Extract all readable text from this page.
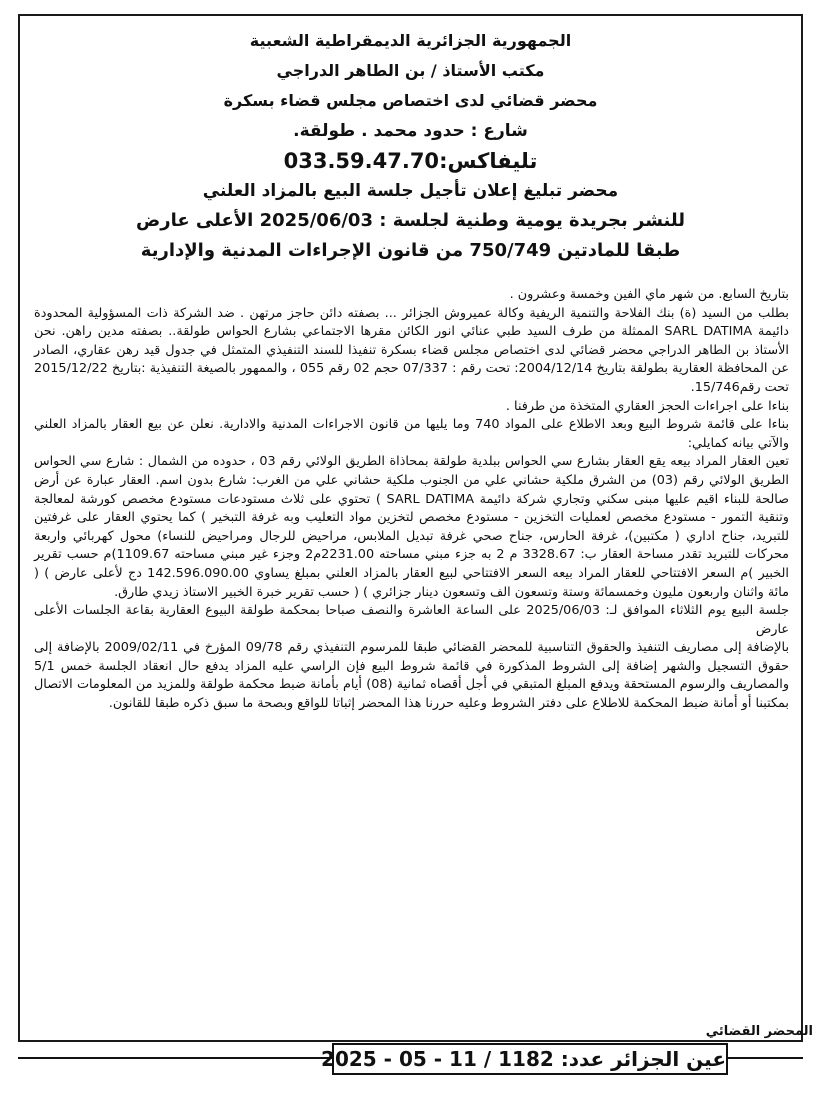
الجمهورية الجزائرية الديمقراطية الشعبية
مكتب الأستاذ / بن الطاهر الدراجي
محضر قضائي لدى اختصاص مجلس قضاء بسكرة
شارع : حدود محمد . طولقة.
تليفاكس:033.59.47.70
محضر تبليغ إعلان تأجيل جلسة البيع بالمزاد العلني
للنشر بجريدة يومية وطنية لجلسة : 2025/06/03 الأعلى عارض
طبقا للمادتين 750/749 من قانون الإجراءات المدنية والإدارية

بتاريخ السابع. من شهر ماي الفين وخمسة وعشرون .

بطلب من السيد (ة) بنك الفلاحة والتنمية الريفية وكالة عميروش الجزائر ... بصفته دائن حاجز مرتهن . ضد الشركة ذات المسؤولية المحدودة دائيمة SARL DATIMA الممثلة من طرف السيد طبي عنائي انور الكائن مقرها الاجتماعي بشارع الحواس طولقة.. بصفته مدين راهن. نحن الأستاذ بن الطاهر الدراجي محضر قضائي لدى اختصاص مجلس قضاء بسكرة تنفيذا للسند التنفيذي المتمثل في جدول قيد رهن عقاري، الصادر عن المحافظة العقارية بطولقة بتاريخ 2004/12/14: تحت رقم : 07/337 حجم 02 رقم 055 ، والممهور بالصيغة التنفيذية :بتاريخ 2015/12/22 تحت رقم15/746.

بناءا على اجراءات الحجز العقاري المتخذة من طرفنا .

بناءا على قائمة شروط البيع وبعد الاطلاع على المواد 740 وما يليها من قانون الاجراءات المدنية والادارية. نعلن عن بيع العقار بالمزاد العلني والآتي بيانه كمايلي:

تعين العقار المراد بيعه يقع العقار بشارع سي الحواس ببلدية طولقة بمحاذاة الطريق الولائي رقم 03 ، حدوده من الشمال : شارع سي الحواس الطريق الولائي رقم (03) من الشرق ملكية حشاني علي من الجنوب ملكية حشاني علي من الغرب: شارع بدون اسم. العقار عبارة عن أرض صالحة للبناء اقيم عليها مبنى سكني وتجاري شركة دائيمة SARL DATIMA ) تحتوي على ثلاث مستودعات مستودع مخصص كورشة لمعالجة وتنقية التمور - مستودع مخصص لعمليات التخزين - مستودع مخصص لتخزين مواد التعليب وبه غرفة التبخير ) كما يحتوي العقار على غرفتين للتبريد، جناح اداري ( مكتبين)، غرفة الحارس، جناح صحي غرفة تبديل الملابس، مراحيض للرجال ومراحيض للنساء) محول كهربائي واربعة محركات للتبريد تقدر مساحة العقار ب: 3328.67 م 2 به جزء مبني مساحته 2231.00م2 وجزء غير مبني مساحته 1109.67)م حسب تقرير الخبير )م السعر الافتتاحي للعقار المراد بيعه السعر الافتتاحي لبيع العقار بالمزاد العلني بمبلغ يساوي 142.596.090.00 دج لأعلى عارض ) ( مائة واثنان واربعون مليون وخمسمائة وستة وتسعون الف وتسعون دينار جزائري ) ( حسب تقرير خبرة الخبير الاستاذ زيدي طارق.

جلسة البيع يوم الثلاثاء الموافق لـ: 2025/06/03 على الساعة العاشرة والنصف صباحا بمحكمة طولقة البيوع العقارية بقاعة الجلسات الأعلى عارض

بالإضافة إلى مصاريف التنفيذ والحقوق التناسبية للمحضر القضائي طبقا للمرسوم التنفيذي رقم 09/78 المؤرخ في 2009/02/11 بالإضافة إلى حقوق التسجيل والشهر إضافة إلى الشروط المذكورة في قائمة شروط البيع فإن الراسي عليه المزاد يدفع حال انعقاد الجلسة خمس 5/1 والمصاريف والرسوم المستحقة ويدفع المبلغ المتبقي في أجل أقصاه ثمانية (08) أيام بأمانة ضبط محكمة طولقة وللمزيد من المعلومات الاتصال بمكتبنا أو أمانة ضبط المحكمة للاطلاع على دفتر الشروط وعليه حررنا هذا المحضر إثباتا للواقع وبصحة ما سبق ذكره طبقا للقانون.

المحضر القضائي
عين الجزائر عدد: 1182 / 11 - 05 - 2025
